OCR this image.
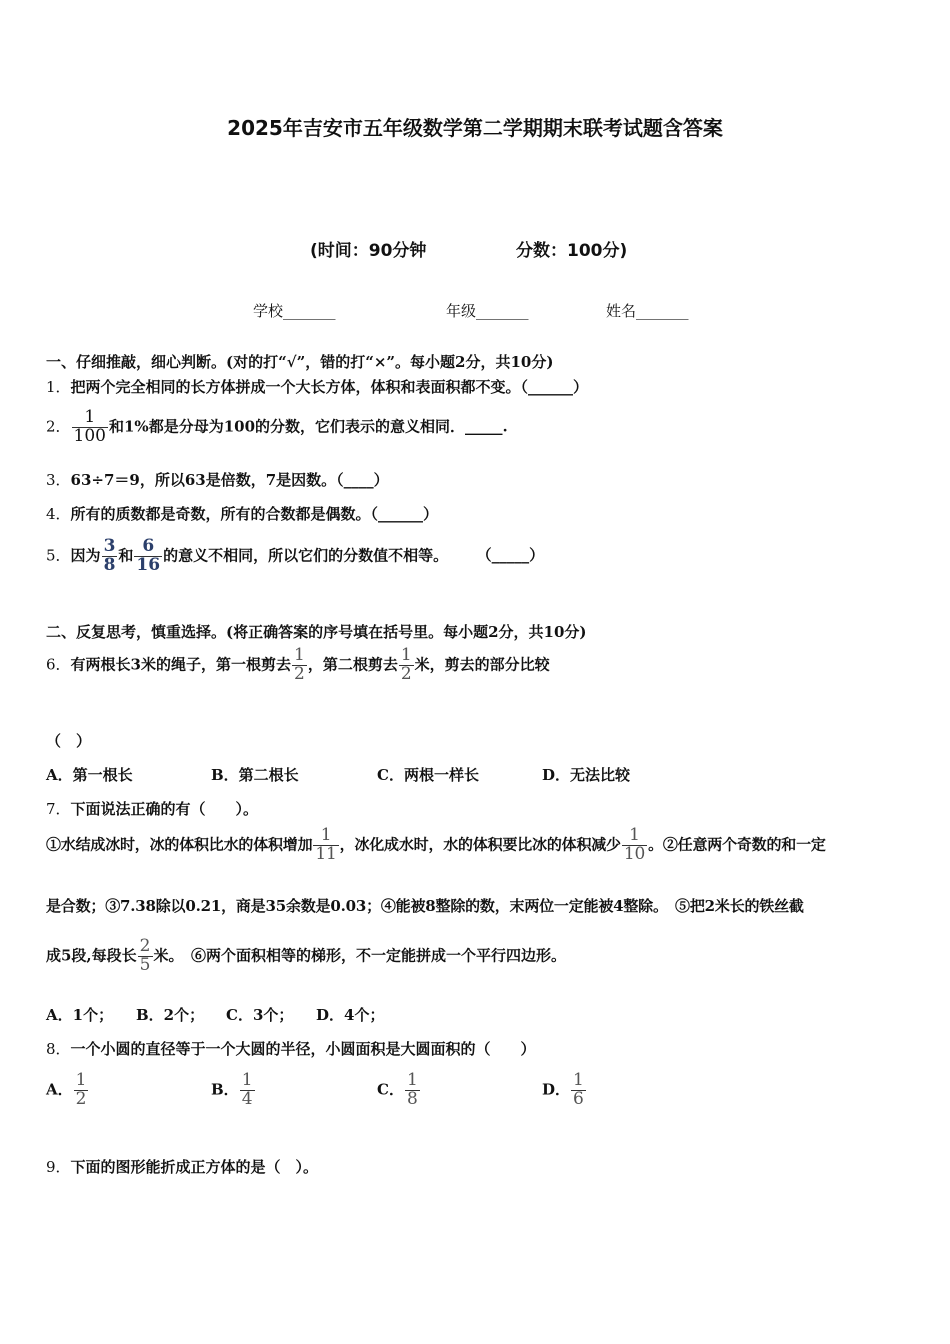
2025年吉安市五年级数学第二学期期末联考试题含答案
(时间：90分钟	分数：100分)
学校_______	年级_______	姓名_______
一、仔细推敲，细心判断。(对的打“√”，错的打“×”。每小题2分，共10分)
1．把两个完全相同的长方体拼成一个大长方体，体积和表面积都不变。（______）
2． $\frac{1}{100}$ 和1%都是分母为100的分数，它们表示的意义相同．_____.
3．63÷7＝9，所以63是倍数，7是因数。（____）
4．所有的质数都是奇数，所有的合数都是偶数。（______）
5．因为 $\frac{3}{8}$ 和 $\frac{6}{16}$ 的意义不相同，所以它们的分数值不相等。 （_____）
二、反复思考，慎重选择。(将正确答案的序号填在括号里。每小题2分，共10分)
6．有两根长3米的绳子，第一根剪去 $\frac{1}{2}$ ，第二根剪去 $\frac{1}{2}$ 米，剪去的部分比较
（　）
A．第一根长	B．第二根长	C．两根一样长	D．无法比较
7．下面说法正确的有（　　）。
①水结成冰时，冰的体积比水的体积增加 $\frac{1}{11}$ ，冰化成水时，水的体积要比冰的体积减少 $\frac{1}{10}$ 。②任意两个奇数的和一定
是合数；③7.38除以0.21，商是35余数是0.03；④能被8整除的数，末两位一定能被4整除。　⑤把2米长的铁丝截
成5段,每段长 $\frac{2}{5}$ 米。　⑥两个面积相等的梯形，不一定能拼成一个平行四边形。
A．1个； B．2个； C．3个； D．4个；
8．一个小圆的直径等于一个大圆的半径，小圆面积是大圆面积的（　　）
A． $\frac{1}{2}$	B． $\frac{1}{4}$	C． $\frac{1}{8}$	D． $\frac{1}{6}$
9．下面的图形能折成正方体的是（　）。
